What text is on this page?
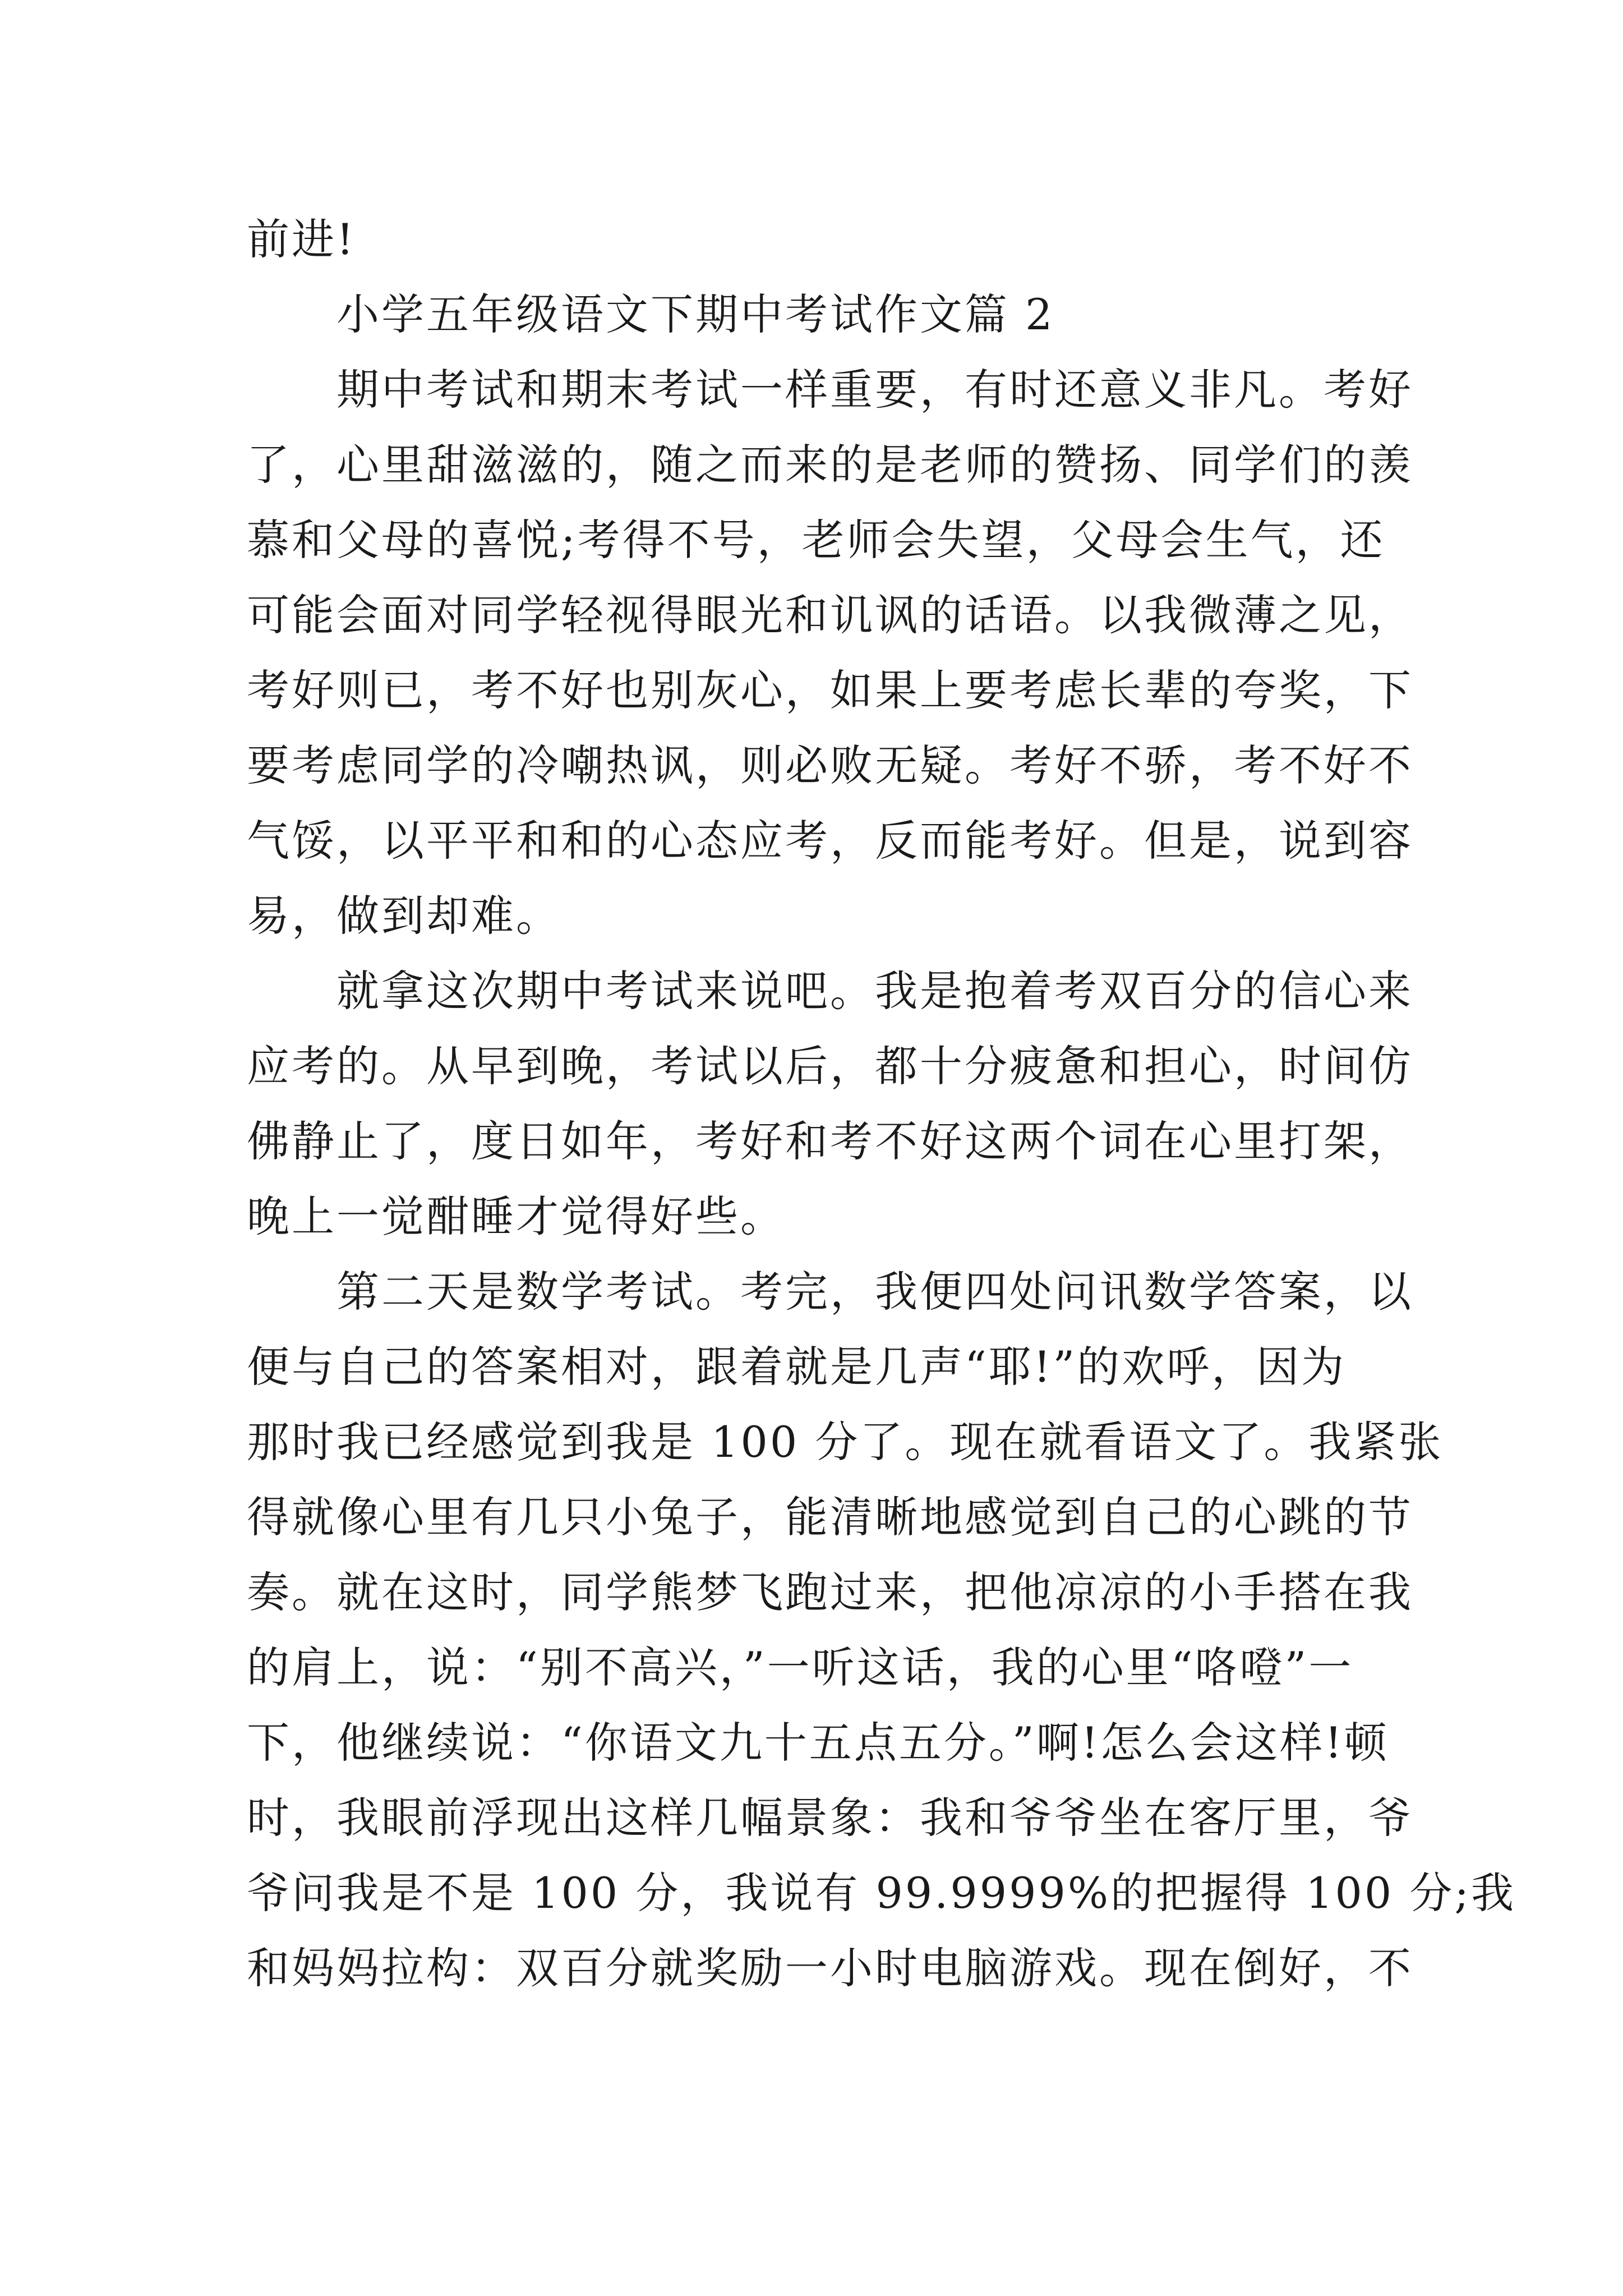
前进!
小学五年级语文下期中考试作文篇 2
期中考试和期末考试一样重要，有时还意义非凡。考好
了，心里甜滋滋的，随之而来的是老师的赞扬、同学们的羡
慕和父母的喜悦;考得不号，老师会失望，父母会生气，还
可能会面对同学轻视得眼光和讥讽的话语。以我微薄之见，
考好则已，考不好也别灰心，如果上要考虑长辈的夸奖，下
要考虑同学的冷嘲热讽，则必败无疑。考好不骄，考不好不
气馁，以平平和和的心态应考，反而能考好。但是，说到容
易，做到却难。
就拿这次期中考试来说吧。我是抱着考双百分的信心来
应考的。从早到晚，考试以后，都十分疲惫和担心，时间仿
佛静止了，度日如年，考好和考不好这两个词在心里打架，
晚上一觉酣睡才觉得好些。
第二天是数学考试。考完，我便四处问讯数学答案，以
便与自己的答案相对，跟着就是几声“耶!”的欢呼，因为
那时我已经感觉到我是 100 分了。现在就看语文了。我紧张
得就像心里有几只小兔子，能清晰地感觉到自己的心跳的节
奏。就在这时，同学熊梦飞跑过来，把他凉凉的小手搭在我
的肩上，说：“别不高兴，”一听这话，我的心里“咯噔”一
下，他继续说：“你语文九十五点五分。”啊!怎么会这样!顿
时，我眼前浮现出这样几幅景象：我和爷爷坐在客厅里，爷
爷问我是不是 100 分，我说有 99.9999%的把握得 100 分;我
和妈妈拉构：双百分就奖励一小时电脑游戏。现在倒好，不
